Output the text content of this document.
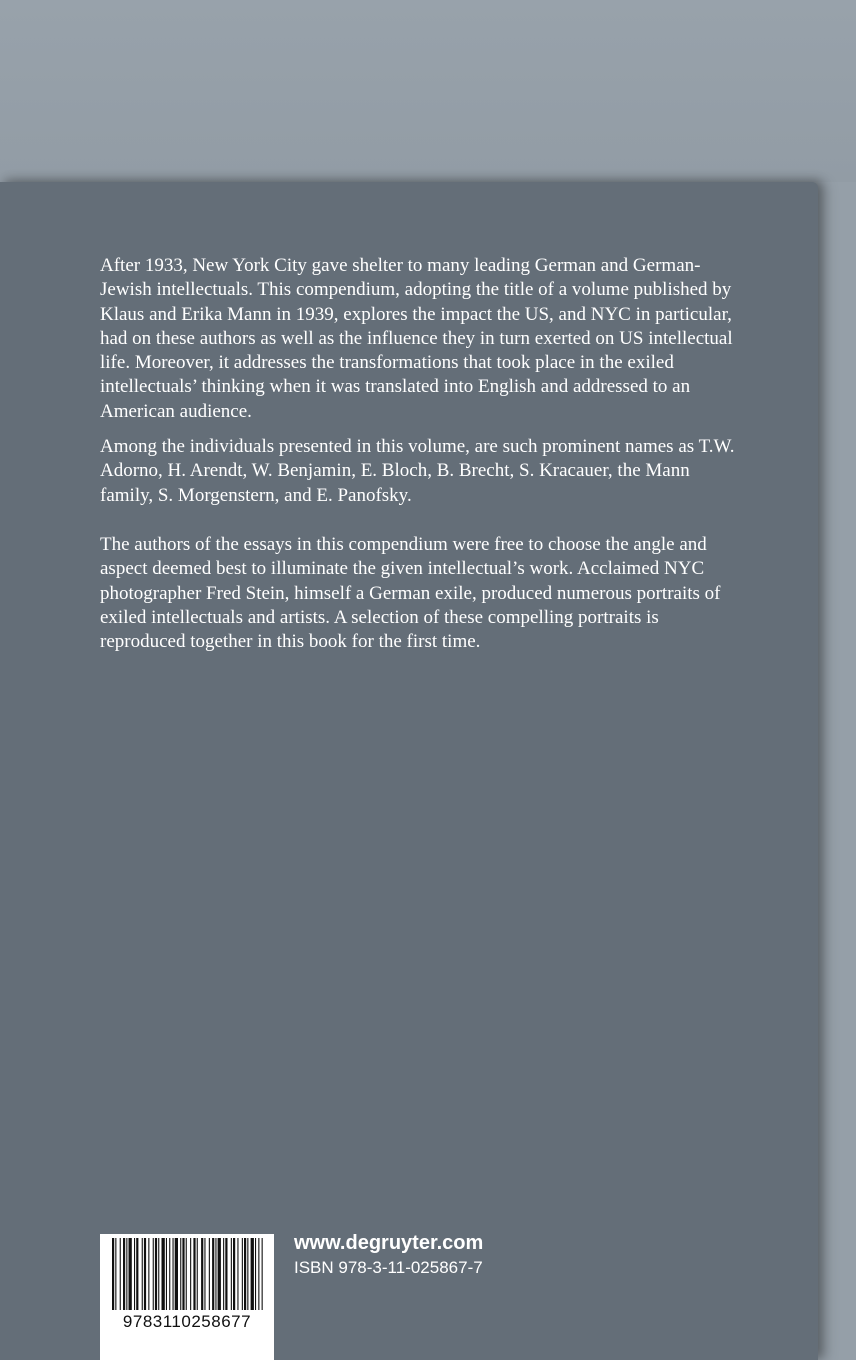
After 1933, New York City gave shelter to many leading German and German-Jewish intellectuals. This compendium, adopting the title of a volume published by Klaus and Erika Mann in 1939, explores the impact the US, and NYC in particular, had on these authors as well as the influence they in turn exerted on US intellectual life. Moreover, it addresses the transformations that took place in the exiled intellectuals’ thinking when it was translated into English and addressed to an American audience.

Among the individuals presented in this volume, are such prominent names as T.W. Adorno, H. Arendt, W. Benjamin, E. Bloch, B. Brecht, S. Kracauer, the Mann family, S. Morgenstern, and E. Panofsky.

The authors of the essays in this compendium were free to choose the angle and aspect deemed best to illuminate the given intellectual’s work. Acclaimed NYC photographer Fred Stein, himself a German exile, produced numerous portraits of exiled intellectuals and artists. A selection of these compelling portraits is reproduced together in this book for the first time.

9783110258677
www.degruyter.com
ISBN 978-3-11-025867-7
